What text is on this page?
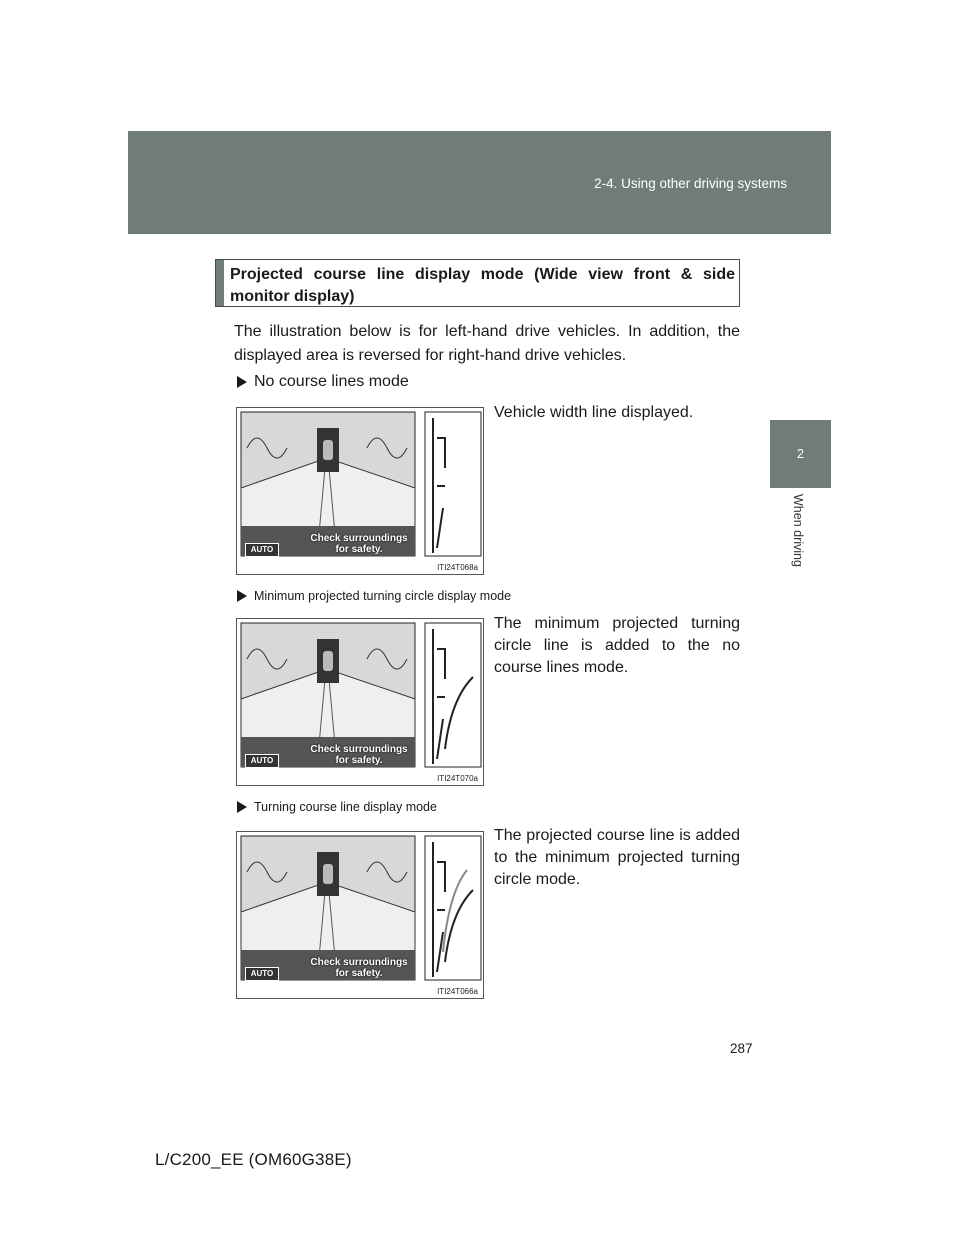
2-4. Using other driving systems
2
When driving
Projected course line display mode (Wide view front & side monitor display)
The illustration below is for left-hand drive vehicles. In addition, the displayed area is reversed for right-hand drive vehicles.
No course lines mode
Vehicle width line displayed.
Check surroundings
for safety.
AUTO
ITI24T068a
Minimum projected turning circle display mode
The minimum projected turning circle line is added to the no course lines mode.
Check surroundings
for safety.
AUTO
ITI24T070a
Turning course line display mode
The projected course line is added to the minimum projected turning circle mode.
Check surroundings
for safety.
AUTO
ITI24T066a
287
L/C200_EE (OM60G38E)
